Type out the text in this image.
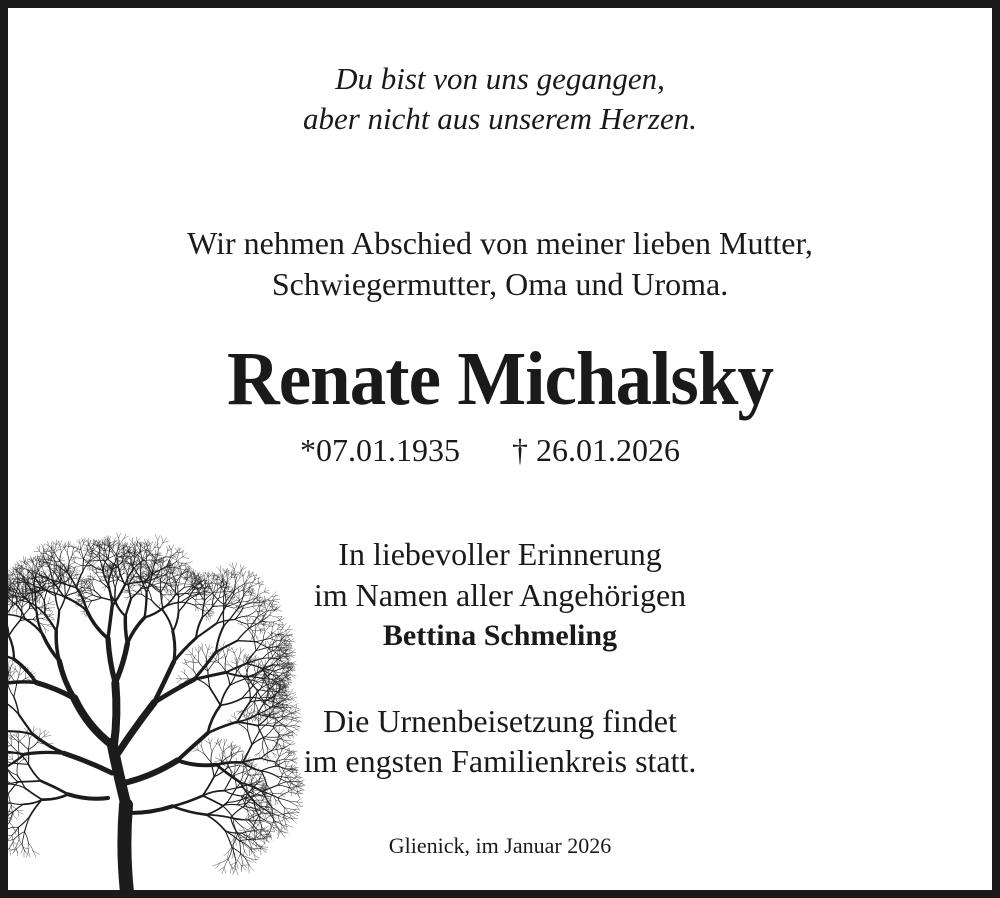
Du bist von uns gegangen,
aber nicht aus unserem Herzen.
Wir nehmen Abschied von meiner lieben Mutter,
Schwiegermutter, Oma und Uroma.
Renate Michalsky
*07.01.1935 † 26.01.2026
In liebevoller Erinnerung
im Namen aller Angehörigen
Bettina Schmeling
Die Urnenbeisetzung findet
im engsten Familienkreis statt.
Glienick, im Januar 2026
